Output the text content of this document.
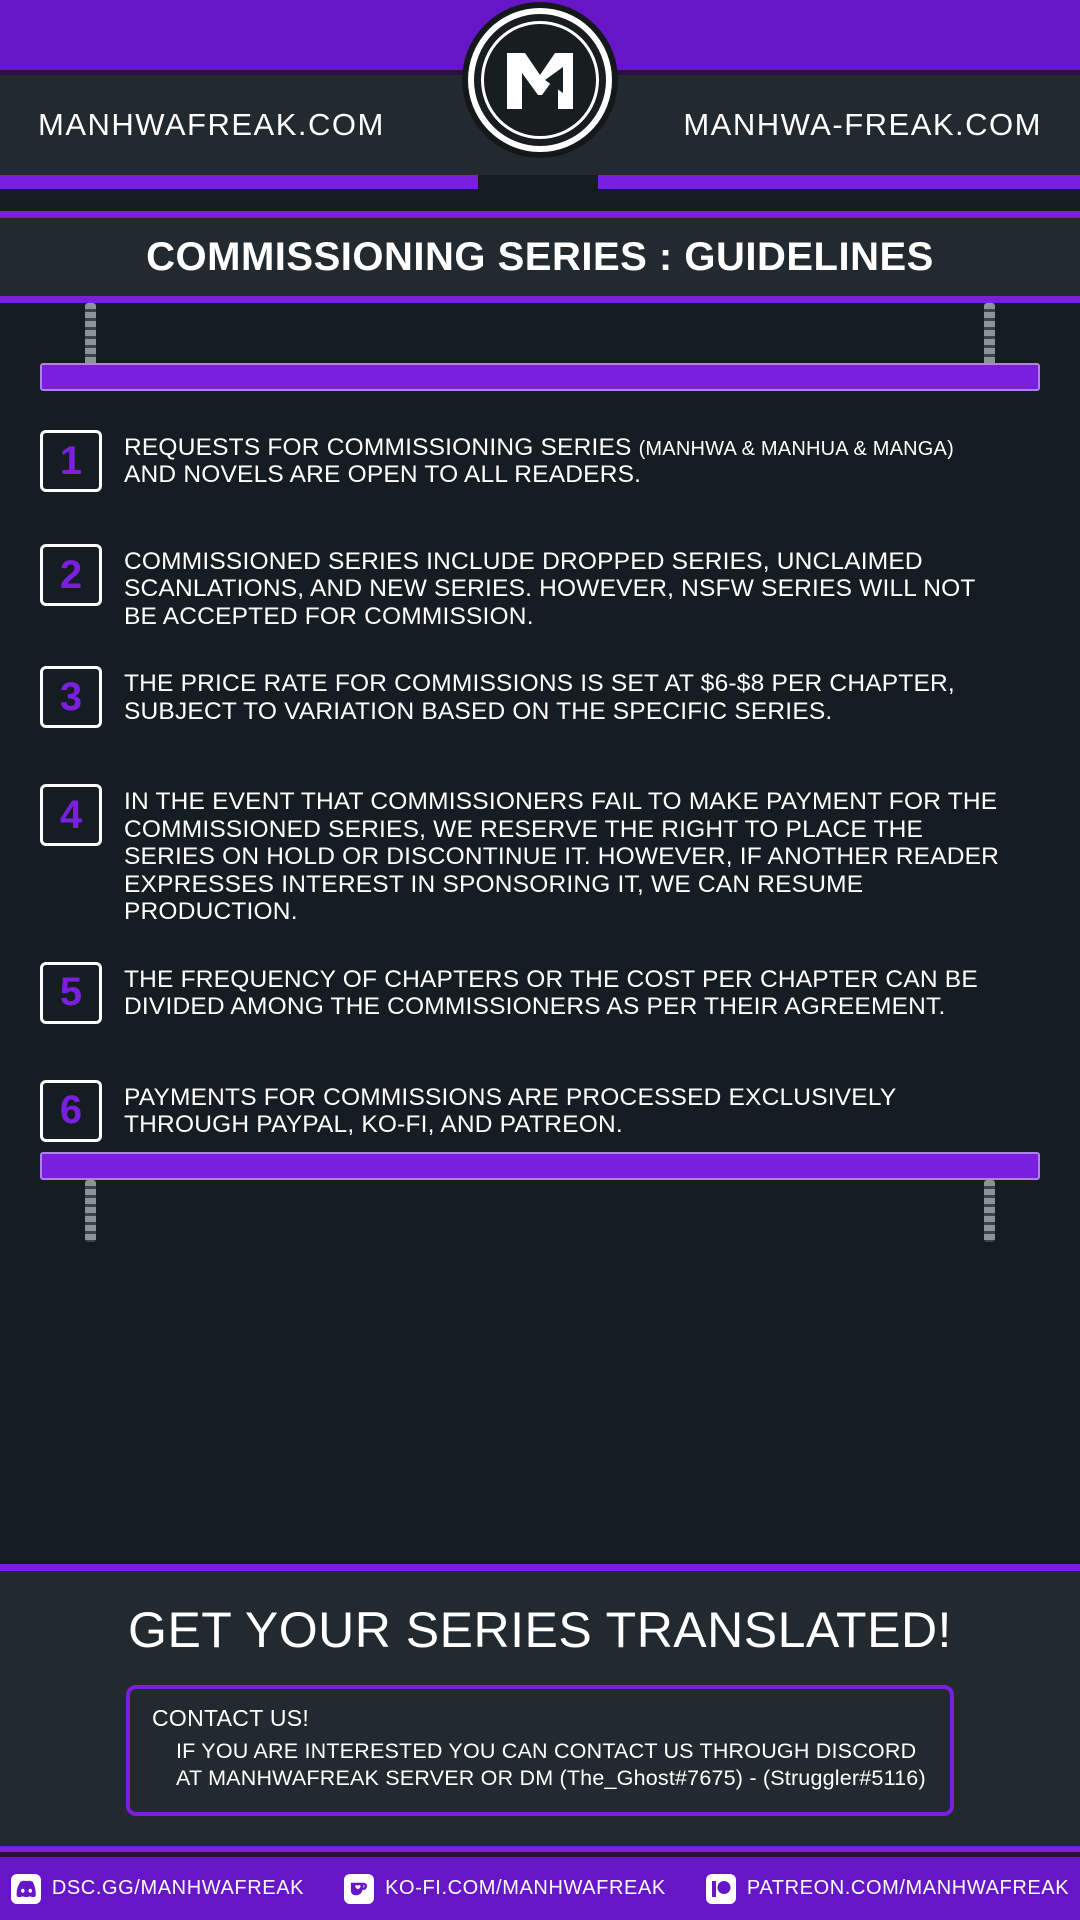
MANHWAFREAK.COM	MANHWA-FREAK.COM
COMMISSIONING SERIES : GUIDELINES
1	REQUESTS FOR COMMISSIONING SERIES (MANHWA & MANHUA & MANGA) AND NOVELS ARE OPEN TO ALL READERS.
2	COMMISSIONED SERIES INCLUDE DROPPED SERIES, UNCLAIMED SCANLATIONS, AND NEW SERIES. HOWEVER, NSFW SERIES WILL NOT BE ACCEPTED FOR COMMISSION.
3	THE PRICE RATE FOR COMMISSIONS IS SET AT $6-$8 PER CHAPTER, SUBJECT TO VARIATION BASED ON THE SPECIFIC SERIES.
4	IN THE EVENT THAT COMMISSIONERS FAIL TO MAKE PAYMENT FOR THE COMMISSIONED SERIES, WE RESERVE THE RIGHT TO PLACE THE SERIES ON HOLD OR DISCONTINUE IT. HOWEVER, IF ANOTHER READER EXPRESSES INTEREST IN SPONSORING IT, WE CAN RESUME PRODUCTION.
5	THE FREQUENCY OF CHAPTERS OR THE COST PER CHAPTER CAN BE DIVIDED AMONG THE COMMISSIONERS AS PER THEIR AGREEMENT.
6	PAYMENTS FOR COMMISSIONS ARE PROCESSED EXCLUSIVELY THROUGH PAYPAL, KO-FI, AND PATREON.
GET YOUR SERIES TRANSLATED!
CONTACT US!
IF YOU ARE INTERESTED YOU CAN CONTACT US THROUGH DISCORD
AT MANHWAFREAK SERVER OR DM (The_Ghost#7675) - (Struggler#5116)
DSC.GG/MANHWAFREAK	KO-FI.COM/MANHWAFREAK	PATREON.COM/MANHWAFREAK
